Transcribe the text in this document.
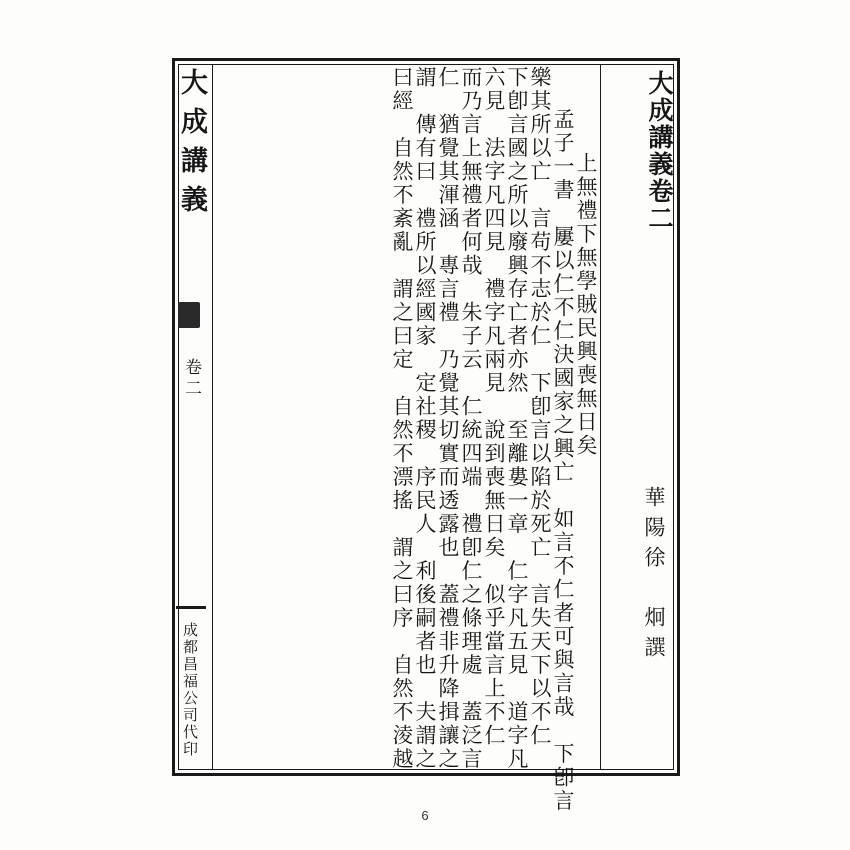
大成講義卷二
華陽徐　炯譔
上無禮下無學賊民興喪無日矣
孟子一書　屢以仁不仁決國家之興亡　如言不仁者可與言哉　下卽言
樂其所以亡　言苟不志於仁　下卽言以陷於死亡　言失天下以不仁
下卽言國之所以廢興存亡者亦然　至離婁一章　仁字凡五見　道字凡
六見　法字凡四見　禮字凡兩見　說到喪無日矣　似乎當言上不仁
而乃言上無禮者何哉　朱子云　仁統四端　禮卽仁之條理處　蓋泛言
仁　猶覺其渾涵　專言禮　乃覺其切實而透露也　蓋禮非升降揖讓之
謂　傳有曰　禮所以經國家　定社稷　序民人　利後嗣者也　夫謂之
曰經　自然不紊亂　謂之曰定　自然不漂搖　謂之曰序　自然不淩越
大成講義
卷二
成都昌福公司代印
6
